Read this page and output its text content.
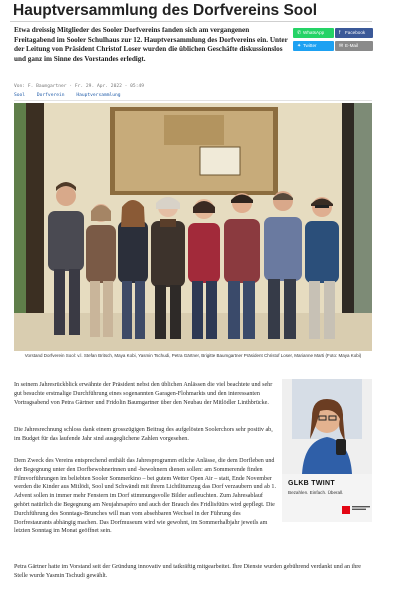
Hauptversammlung des Dorfvereins Sool

Etwa dreissig Mitglieder des Sooler Dorfvereins fanden sich am vergangenen Freitagabend im Sooler Schulhaus zur 12. Hauptversammlung des Dorfvereins ein. Unter der Leitung von Präsident Christof Loser wurden die üblichen Geschäfte diskussionslos und ganz im Sinne des Vorstandes erledigt.

✆ WhatsApp	f Facebook
✦ Twitter	✉ E-Mail
Von: F. Baumgartner · Fr. 29. Apr. 2022 - 05:49
Sool	Dorfverein	Hauptversammlung

Vorstand Dorfverein Sool: v.l. Stefan Britsch, Maya Kobi, Yasmin Tschudi, Petra Gärtner, Brigitte Baumgartner Präsident Christof Loser, Marianne Marti (Foto: Maya Kobi)

In seinem Jahresrückblick erwähnte der Präsident nebst den üblichen Anlässen die viel beachtete und sehr gut besuchte erstmalige Durchführung eines sogenannten Garagen-Flohmarkts und den interessanten Vortragsabend von Petra Gärtner und Fridolin Baumgartner über den Neubau der Mitlödler Linthbrücke.

Die Jahresrechnung schloss dank einem grosszügigen Beitrag des aufgelösten Soolerchors sehr positiv ab, im Budget für das laufende Jahr sind ausgeglichene Zahlen vorgesehen.

Dem Zweck des Vereins entsprechend enthält das Jahresprogramm etliche Anlässe, die dem Dorfleben und der Begegnung unter den Dorfbewohnerinnen und -bewohnern dienen sollen: am Sommerende finden Filmvorführungen im beliebten Sooler Sommerkino – bei gutem Wetter Open Air – statt, Ende November werden die Kinder aus Mitlödi, Sool und Schwändi mit ihrem Lichtlitumzug das Dorf verzaubern und ab 1. Advent sollen in immer mehr Fenstern im Dorf stimmungsvolle Bilder aufleuchten. Zum Jahresablauf gehört natürlich die Begegnung am Neujahrsapéro und auch der Brauch des Fridlisfüürs wird gepflegt. Die Durchführung des Sonntags-Brunches will man vom absehbaren Wechsel in der Führung des Dorfrestaurants abhängig machen. Das Dorfmuseum wird wie gewohnt, im Sommerhalbjahr jeweils am letzten Sonntag im Monat geöffnet sein.

Petra Gärtner hatte im Vorstand seit der Gründung innovativ und tatkräftig mitgearbeitet. Ihre Dienste wurden gebührend verdankt und an ihre Stelle wurde Yasmin Tschudi gewählt.

GLKB TWINT
Bezahlen. Einfach. Überall.
